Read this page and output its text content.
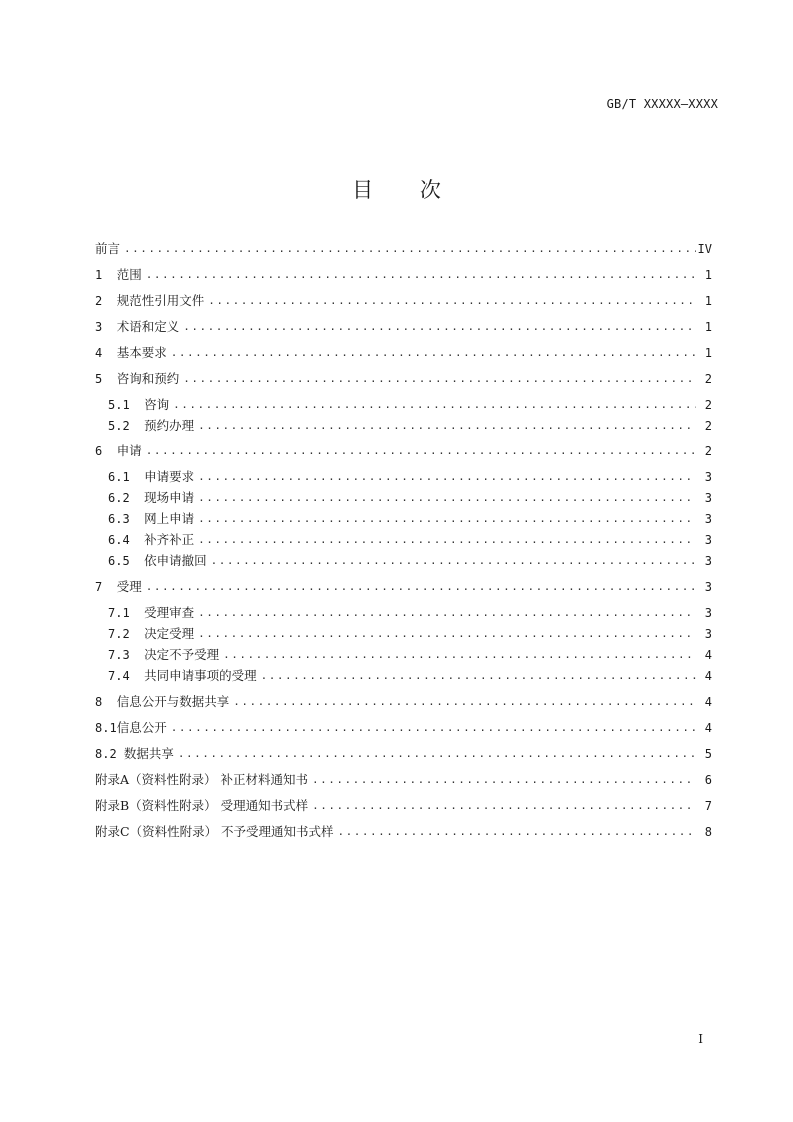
GB/T XXXXX—XXXX
目 次
前言 .....	IV
1 范围 .....	1
2 规范性引用文件 .....	1
3 术语和定义 .....	1
4 基本要求 .....	1
5 咨询和预约 .....	2
5.1 咨询 .....	2
5.2 预约办理 .....	2
6 申请 .....	2
6.1 申请要求 .....	3
6.2 现场申请 .....	3
6.3 网上申请 .....	3
6.4 补齐补正 .....	3
6.5 依申请撤回 .....	3
7 受理 .....	3
7.1 受理审查 .....	3
7.2 决定受理 .....	3
7.3 决定不予受理 .....	4
7.4 共同申请事项的受理 .....	4
8 信息公开与数据共享 .....	4
8.1 信息公开 .....	4
8.2 数据共享 .....	5
附录A（资料性附录） 补正材料通知书 .....	6
附录B（资料性附录） 受理通知书式样 .....	7
附录C（资料性附录） 不予受理通知书式样 .....	8
I
